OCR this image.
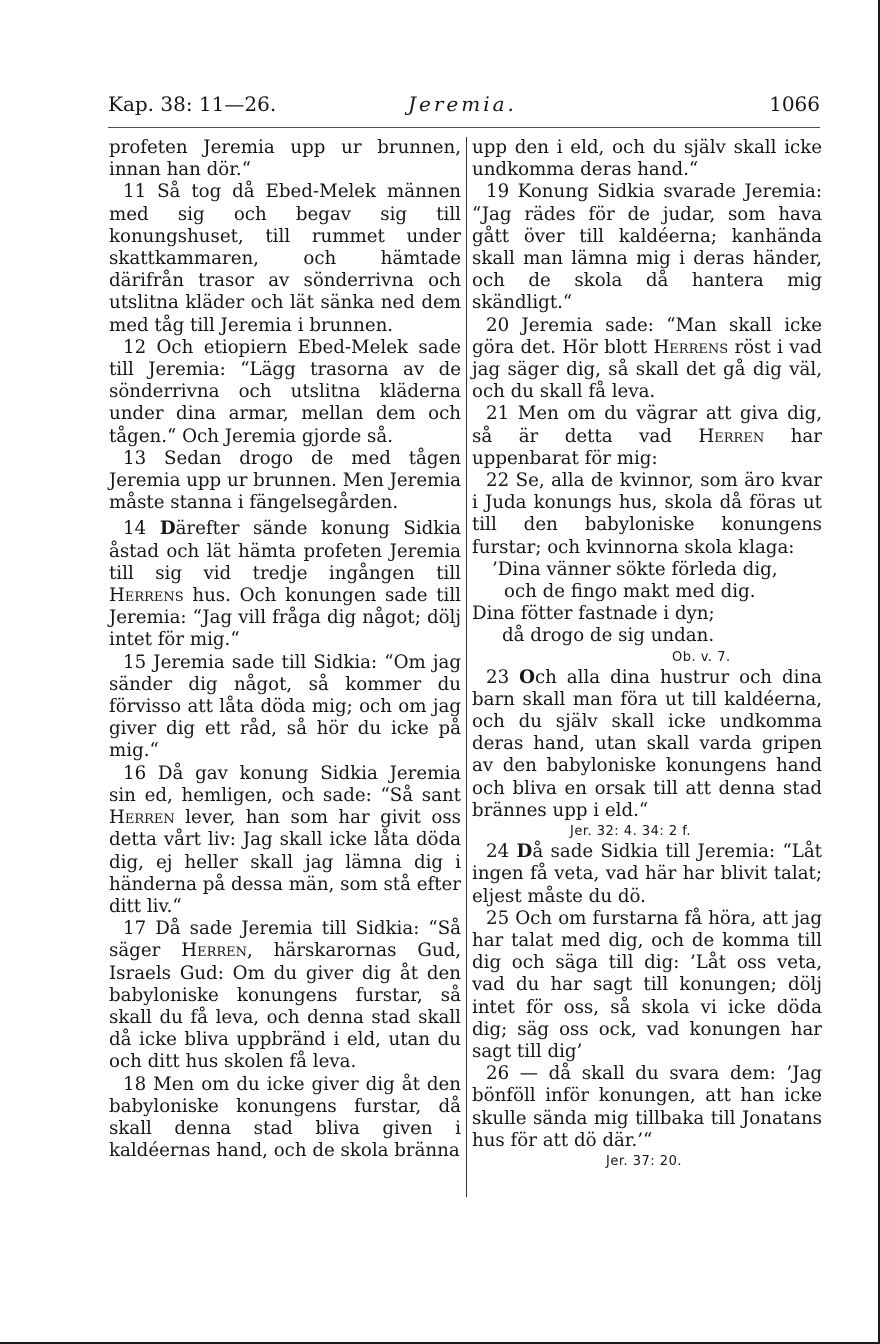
Kap. 38: 11—26.	Jeremia.	1066

profeten Jeremia upp ur brunnen, innan han dör.“

11 Så tog då Ebed-Melek männen med sig och begav sig till konungshuset, till rummet under skattkammaren, och hämtade därifrån trasor av sönderrivna och utslitna kläder och lät sänka ned dem med tåg till Jeremia i brunnen.

12 Och etiopiern Ebed-Melek sade till Jeremia: “Lägg trasorna av de sönderrivna och utslitna kläderna under dina armar, mellan dem och tågen.“ Och Jeremia gjorde så.

13 Sedan drogo de med tågen Jeremia upp ur brunnen. Men Jeremia måste stanna i fängelsegården.

14 Därefter sände konung Sidkia åstad och lät hämta profeten Jeremia till sig vid tredje ingången till Herrens hus. Och konungen sade till Jeremia: “Jag vill fråga dig något; dölj intet för mig.“

15 Jeremia sade till Sidkia: “Om jag sänder dig något, så kommer du förvisso att låta döda mig; och om jag giver dig ett råd, så hör du icke på mig.“

16 Då gav konung Sidkia Jeremia sin ed, hemligen, och sade: “Så sant Herren lever, han som har givit oss detta vårt liv: Jag skall icke låta döda dig, ej heller skall jag lämna dig i händerna på dessa män, som stå efter ditt liv.“

17 Då sade Jeremia till Sidkia: “Så säger Herren, härskarornas Gud, Israels Gud: Om du giver dig åt den babyloniske konungens furstar, så skall du få leva, och denna stad skall då icke bliva uppbränd i eld, utan du och ditt hus skolen få leva.

18 Men om du icke giver dig åt den babyloniske konungens furstar, då skall denna stad bliva given i kaldéernas hand, och de skola bränna

upp den i eld, och du själv skall icke undkomma deras hand.“

19 Konung Sidkia svarade Jeremia: “Jag rädes för de judar, som hava gått över till kaldéerna; kanhända skall man lämna mig i deras händer, och de skola då hantera mig skändligt.“

20 Jeremia sade: “Man skall icke göra det. Hör blott Herrens röst i vad jag säger dig, så skall det gå dig väl, och du skall få leva.

21 Men om du vägrar att giva dig, så är detta vad Herren har uppenbarat för mig:

22 Se, alla de kvinnor, som äro kvar i Juda konungs hus, skola då föras ut till den babyloniske konungens furstar; och kvinnorna skola klaga:

’Dina vänner sökte förleda dig,

och de fingo makt med dig.

Dina fötter fastnade i dyn;

då drogo de sig undan.

Ob. v. 7.

23 Och alla dina hustrur och dina barn skall man föra ut till kaldéerna, och du själv skall icke undkomma deras hand, utan skall varda gripen av den babyloniske konungens hand och bliva en orsak till att denna stad brännes upp i eld.“

Jer. 32: 4. 34: 2 f.

24 Då sade Sidkia till Jeremia: “Låt ingen få veta, vad här har blivit talat; eljest måste du dö.

25 Och om furstarna få höra, att jag har talat med dig, och de komma till dig och säga till dig: ’Låt oss veta, vad du har sagt till konungen; dölj intet för oss, så skola vi icke döda dig; säg oss ock, vad konungen har sagt till dig’

26 — då skall du svara dem: ’Jag bönföll inför konungen, att han icke skulle sända mig tillbaka till Jonatans hus för att dö där.’“

Jer. 37: 20.
